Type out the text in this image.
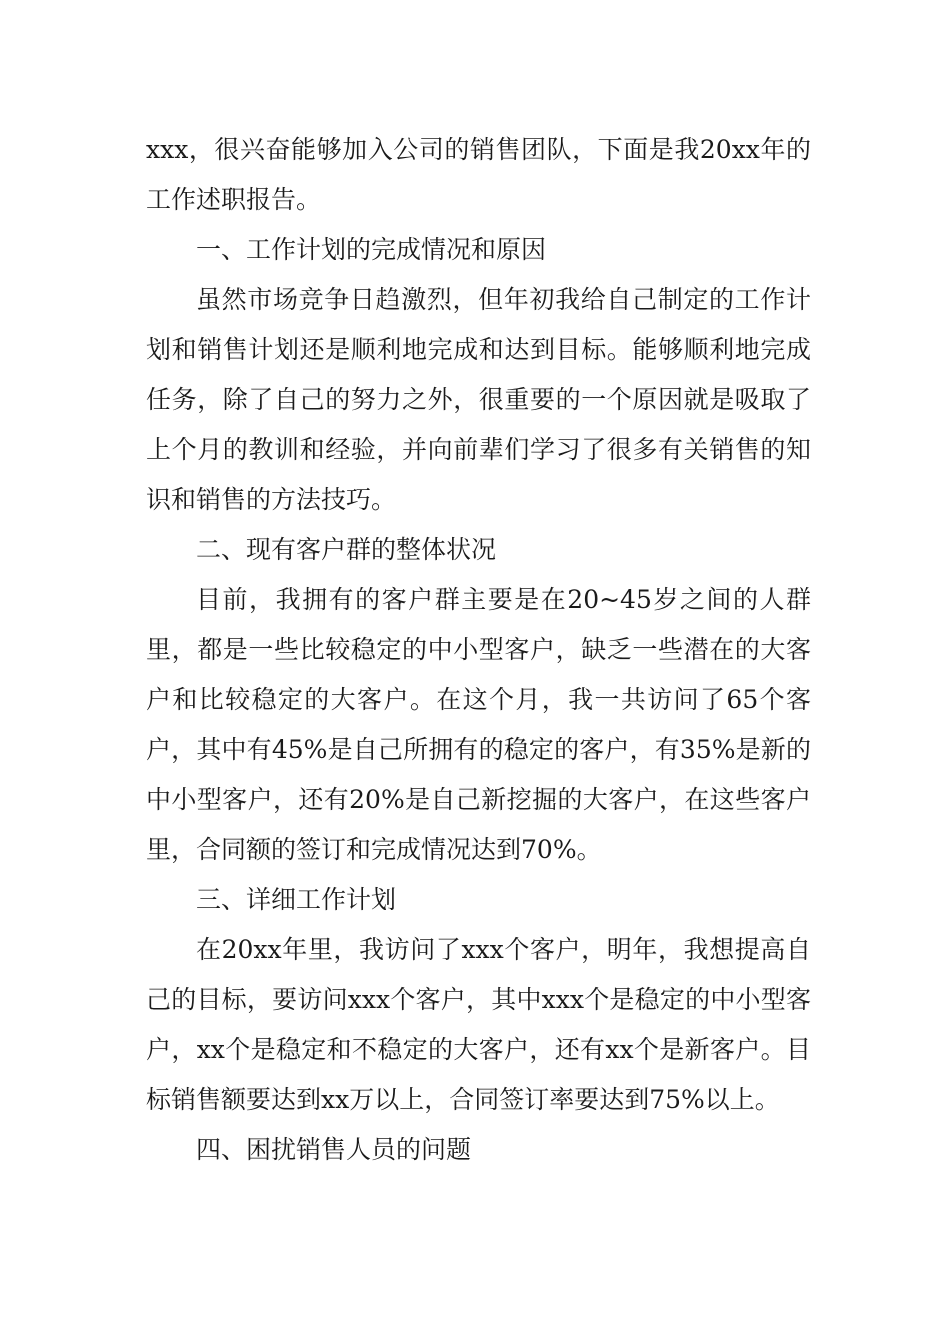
xxx，很兴奋能够加入公司的销售团队，下面是我20xx年的工作述职报告。

一、工作计划的完成情况和原因

虽然市场竞争日趋激烈，但年初我给自己制定的工作计划和销售计划还是顺利地完成和达到目标。能够顺利地完成任务，除了自己的努力之外，很重要的一个原因就是吸取了上个月的教训和经验，并向前辈们学习了很多有关销售的知识和销售的方法技巧。

二、现有客户群的整体状况

目前，我拥有的客户群主要是在20~45岁之间的人群里，都是一些比较稳定的中小型客户，缺乏一些潜在的大客户和比较稳定的大客户。在这个月，我一共访问了65个客户，其中有45%是自己所拥有的稳定的客户，有35%是新的中小型客户，还有20%是自己新挖掘的大客户，在这些客户里，合同额的签订和完成情况达到70%。

三、详细工作计划

在20xx年里，我访问了xxx个客户，明年，我想提高自己的目标，要访问xxx个客户，其中xxx个是稳定的中小型客户，xx个是稳定和不稳定的大客户，还有xx个是新客户。目标销售额要达到xx万以上，合同签订率要达到75%以上。

四、困扰销售人员的问题
